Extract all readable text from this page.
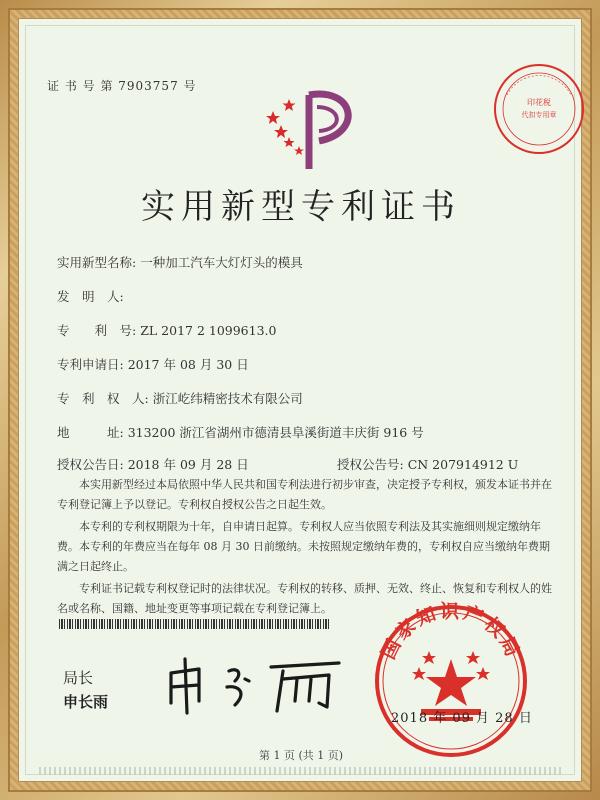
证 书 号 第 7903757 号
印花税
代扣专用章
实用新型专利证书
实用新型名称: 一种加工汽车大灯灯头的模具
发　明　人:
专　　利　号: ZL 2017 2 1099613.0
专利申请日: 2017 年 08 月 30 日
专　利　权　人: 浙江屹纬精密技术有限公司
地　　　址: 313200 浙江省湖州市德清县阜溪街道丰庆街 916 号
授权公告日: 2018 年 09 月 28 日	授权公告号: CN 207914912 U

本实用新型经过本局依照中华人民共和国专利法进行初步审查，决定授予专利权，颁发本证书并在专利登记簿上予以登记。专利权自授权公告之日起生效。

本专利的专利权期限为十年，自申请日起算。专利权人应当依照专利法及其实施细则规定缴纳年费。本专利的年费应当在每年 08 月 30 日前缴纳。未按照规定缴纳年费的，专利权自应当缴纳年费期满之日起终止。

专利证书记载专利权登记时的法律状况。专利权的转移、质押、无效、终止、恢复和专利权人的姓名或名称、国籍、地址变更等事项记载在专利登记簿上。

局长
申长雨
国家知识产权局
2018 年 09 月 28 日
第 1 页 (共 1 页)
